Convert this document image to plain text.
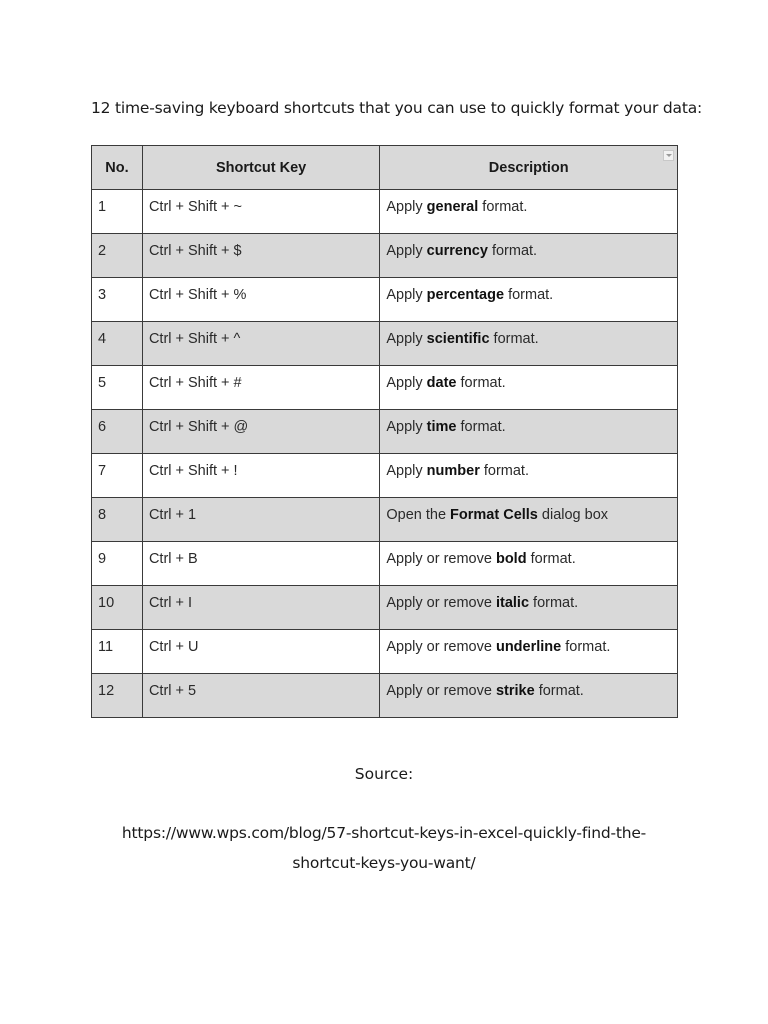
12 time-saving keyboard shortcuts that you can use to quickly format your data:
No.	Shortcut Key	Description

1	Ctrl + Shift + ~	Apply general format.
2	Ctrl + Shift + $	Apply currency format.
3	Ctrl + Shift + %	Apply percentage format.
4	Ctrl + Shift + ^	Apply scientific format.
5	Ctrl + Shift + #	Apply date format.
6	Ctrl + Shift + @	Apply time format.
7	Ctrl + Shift + !	Apply number format.
8	Ctrl + 1	Open the Format Cells dialog box
9	Ctrl + B	Apply or remove bold format.
10	Ctrl + I	Apply or remove italic format.
11	Ctrl + U	Apply or remove underline format.
12	Ctrl + 5	Apply or remove strike format.
Source:
https://www.wps.com/blog/57-shortcut-keys-in-excel-quickly-find-the-shortcut-keys-you-want/
